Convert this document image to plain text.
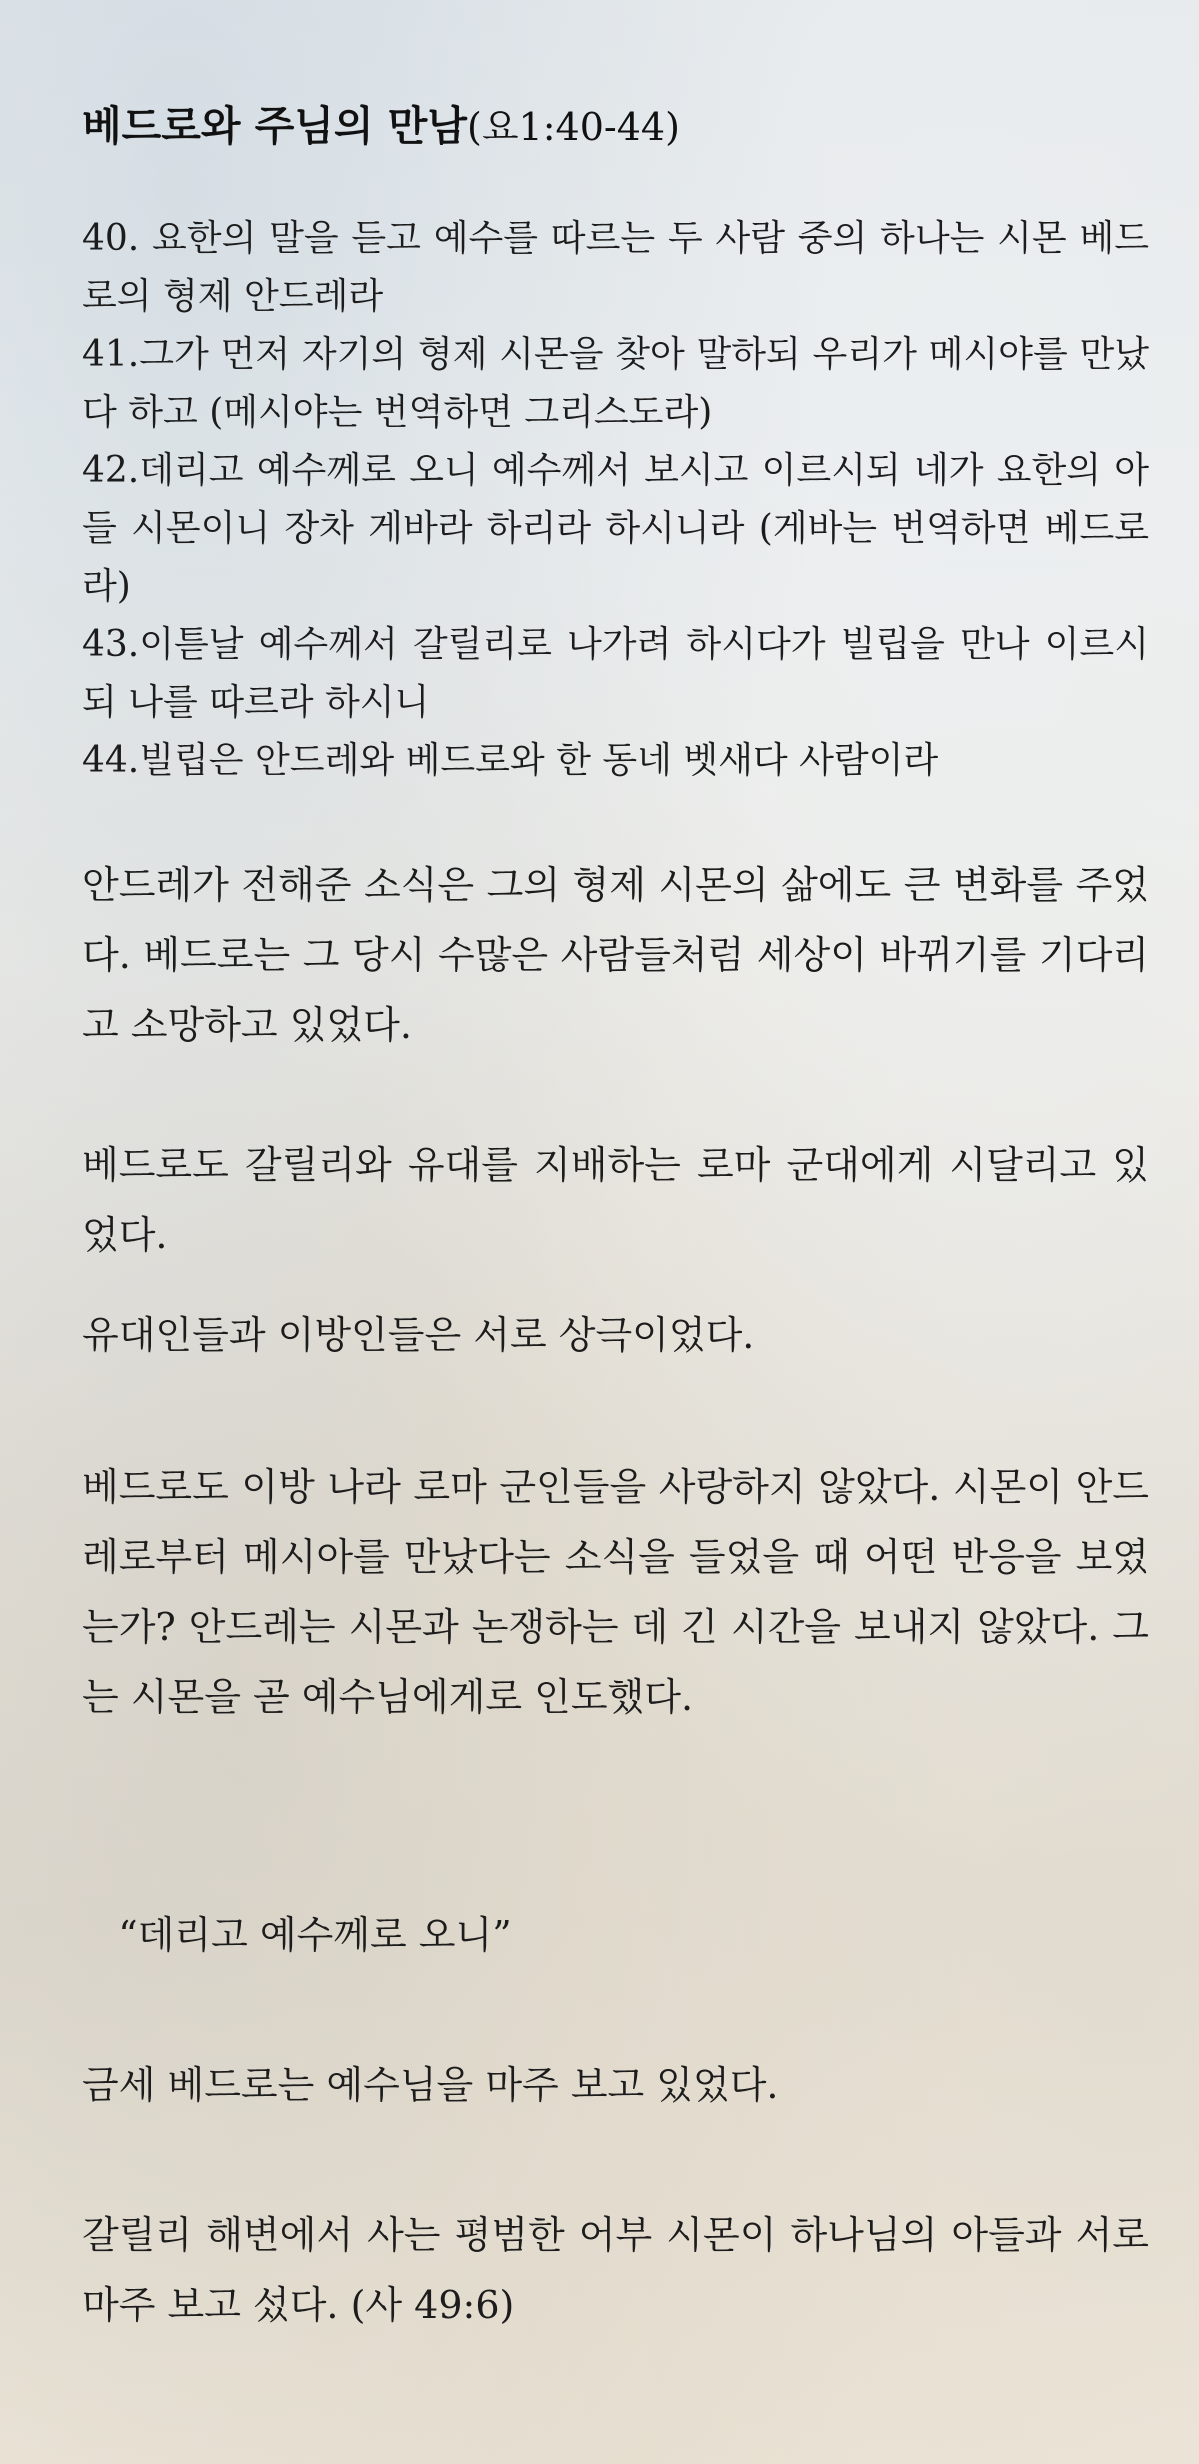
베드로와 주님의 만남(요1:40-44)
40. 요한의 말을 듣고 예수를 따르는 두 사람 중의 하나는 시몬 베드로의 형제 안드레라
41.그가 먼저 자기의 형제 시몬을 찾아 말하되 우리가 메시야를 만났다 하고 (메시야는 번역하면 그리스도라)
42.데리고 예수께로 오니 예수께서 보시고 이르시되 네가 요한의 아들 시몬이니 장차 게바라 하리라 하시니라 (게바는 번역하면 베드로라)
43.이튿날 예수께서 갈릴리로 나가려 하시다가 빌립을 만나 이르시되 나를 따르라 하시니
44.빌립은 안드레와 베드로와 한 동네 벳새다 사람이라

안드레가 전해준 소식은 그의 형제 시몬의 삶에도 큰 변화를 주었다. 베드로는 그 당시 수많은 사람들처럼 세상이 바뀌기를 기다리고 소망하고 있었다.

베드로도 갈릴리와 유대를 지배하는 로마 군대에게 시달리고 있었다.

유대인들과 이방인들은 서로 상극이었다.

베드로도 이방 나라 로마 군인들을 사랑하지 않았다. 시몬이 안드레로부터 메시아를 만났다는 소식을 들었을 때 어떤 반응을 보였는가? 안드레는 시몬과 논쟁하는 데 긴 시간을 보내지 않았다. 그는 시몬을 곧 예수님에게로 인도했다.

“데리고 예수께로 오니”

금세 베드로는 예수님을 마주 보고 있었다.

갈릴리 해변에서 사는 평범한 어부 시몬이 하나님의 아들과 서로 마주 보고 섰다. (사 49:6)
